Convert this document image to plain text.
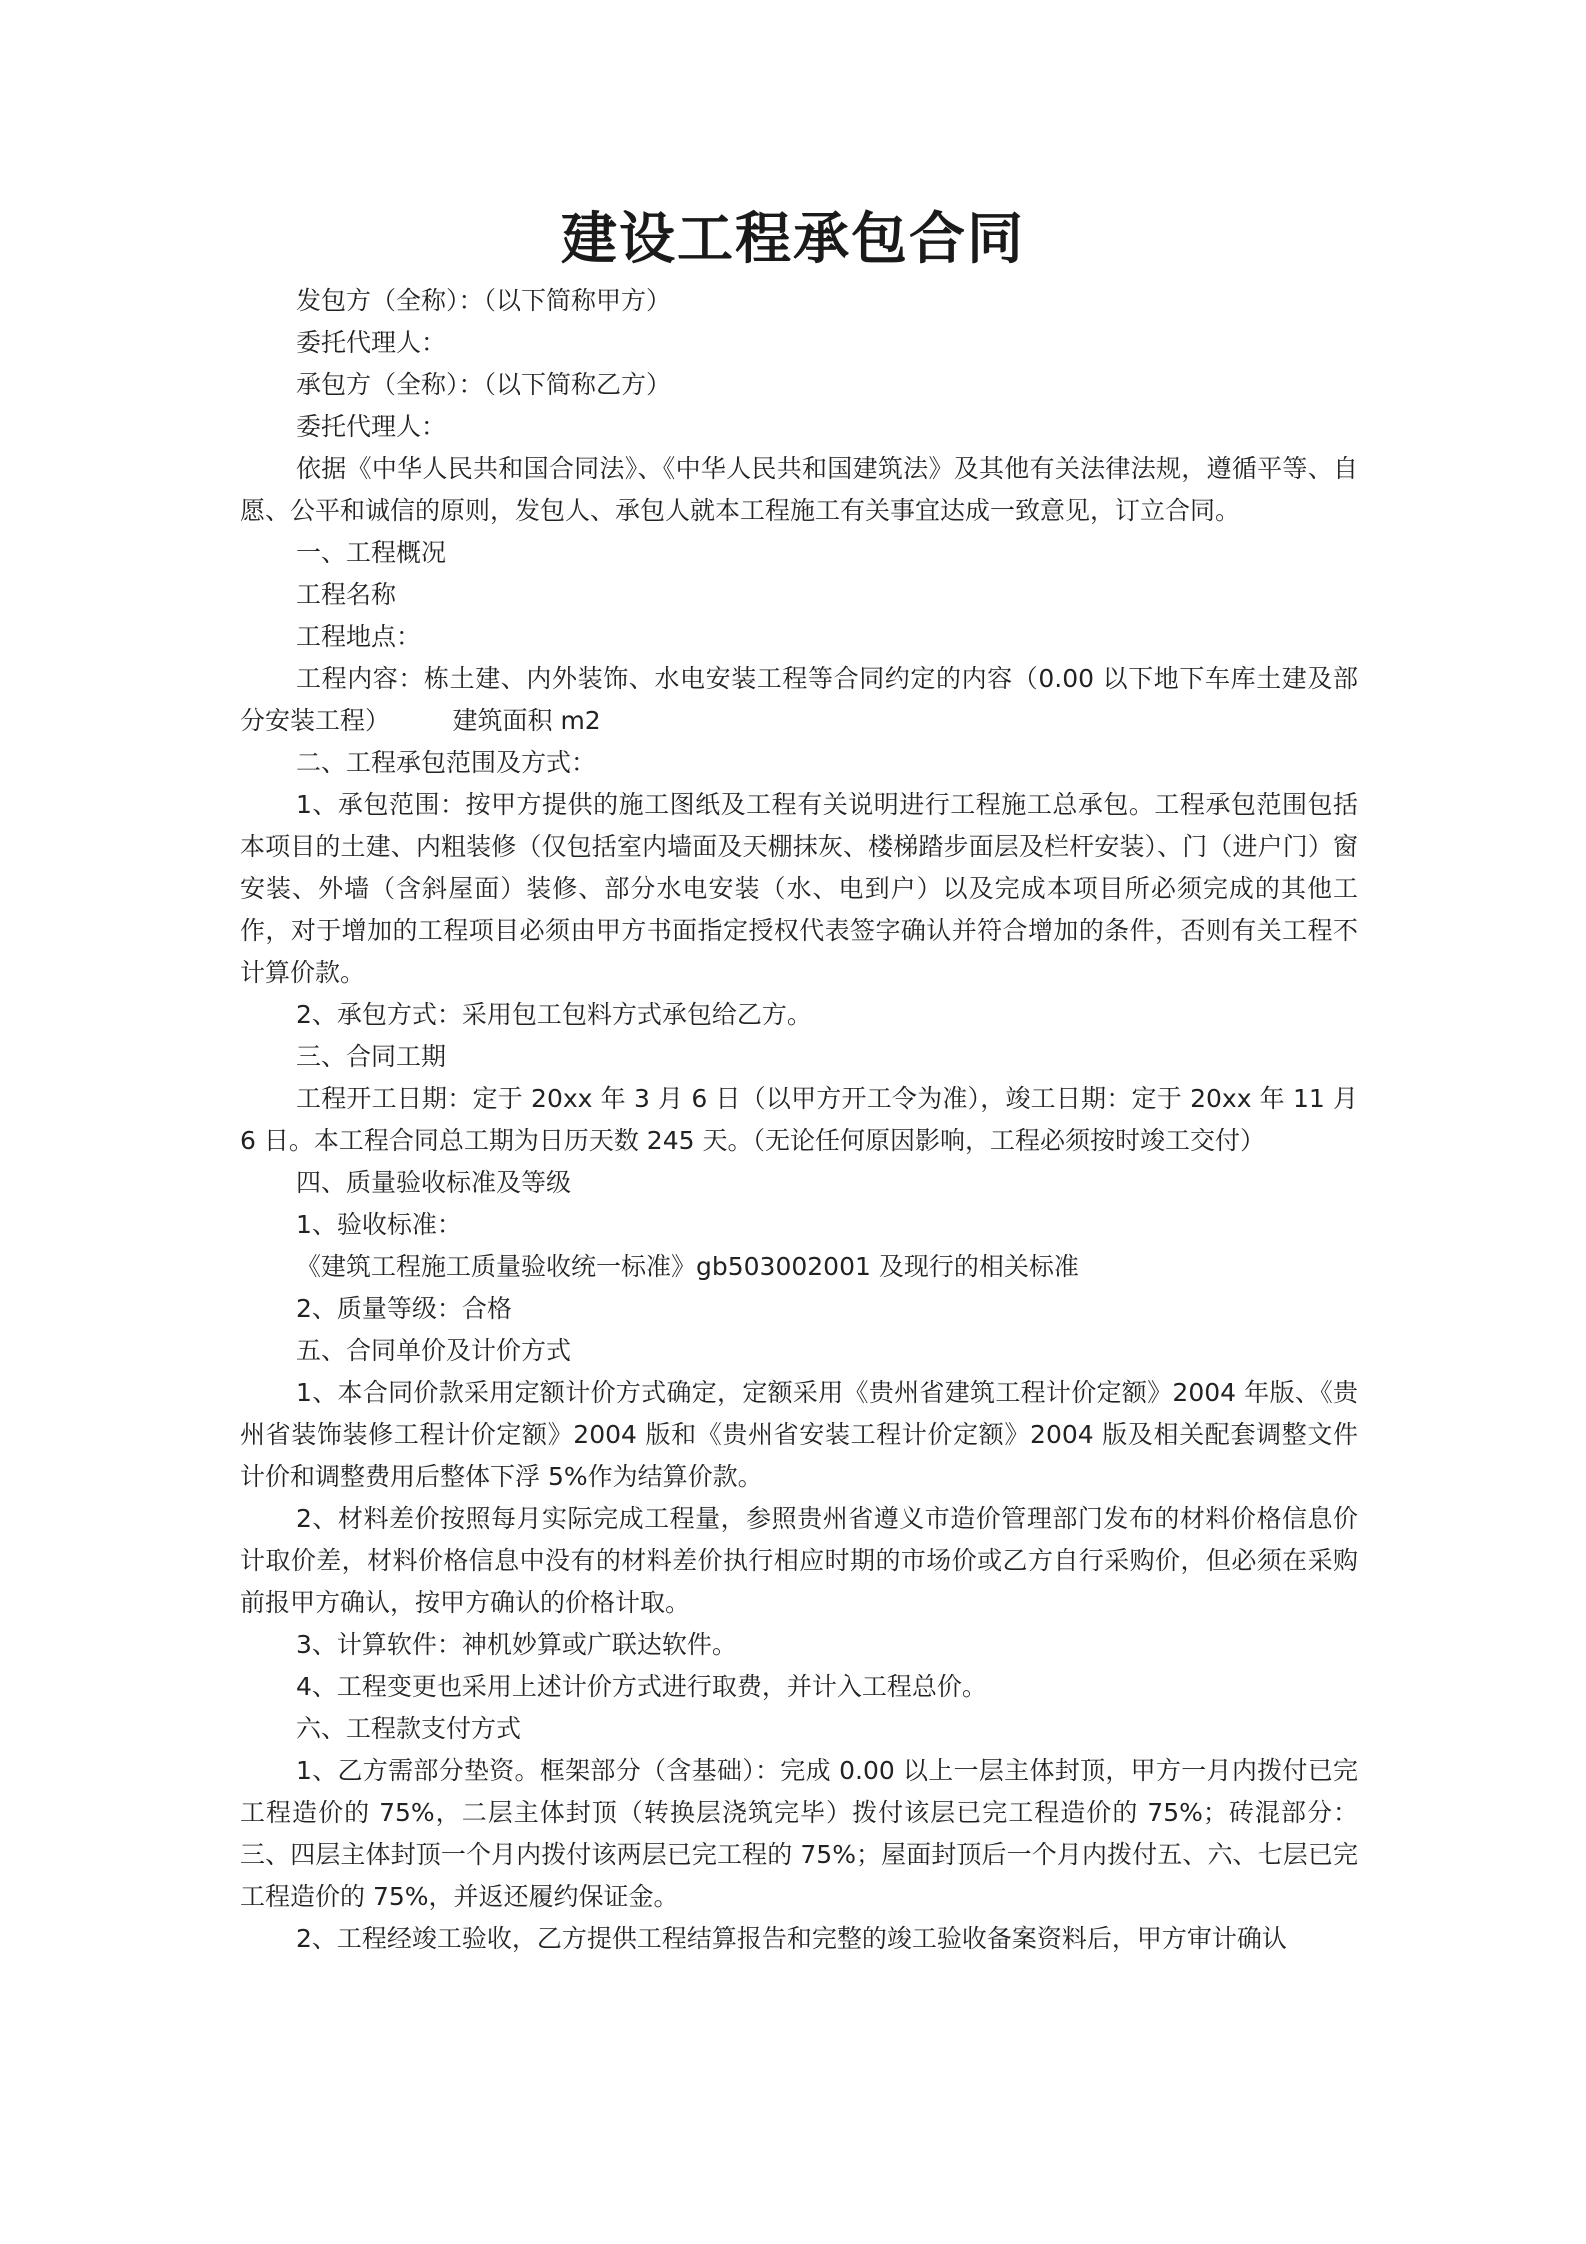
建设工程承包合同

发包方（全称）：（以下简称甲方）

委托代理人：

承包方（全称）：（以下简称乙方）

委托代理人：

依据《中华人民共和国合同法》、《中华人民共和国建筑法》及其他有关法律法规，遵循平等、自愿、公平和诚信的原则，发包人、承包人就本工程施工有关事宜达成一致意见，订立合同。

一、工程概况

工程名称

工程地点：

工程内容：栋土建、内外装饰、水电安装工程等合同约定的内容（0.00 以下地下车库土建及部分安装工程）　　　建筑面积 m2

二、工程承包范围及方式：

1、承包范围：按甲方提供的施工图纸及工程有关说明进行工程施工总承包。工程承包范围包括本项目的土建、内粗装修（仅包括室内墙面及天棚抹灰、楼梯踏步面层及栏杆安装）、门（进户门）窗安装、外墙（含斜屋面）装修、部分水电安装（水、电到户）以及完成本项目所必须完成的其他工作，对于增加的工程项目必须由甲方书面指定授权代表签字确认并符合增加的条件，否则有关工程不计算价款。

2、承包方式：采用包工包料方式承包给乙方。

三、合同工期

工程开工日期：定于 20xx 年 3 月 6 日（以甲方开工令为准），竣工日期：定于 20xx 年 11 月 6 日。本工程合同总工期为日历天数 245 天。（无论任何原因影响，工程必须按时竣工交付）

四、质量验收标准及等级

1、验收标准：

《建筑工程施工质量验收统一标准》gb503002001 及现行的相关标准

2、质量等级：合格

五、合同单价及计价方式

1、本合同价款采用定额计价方式确定，定额采用《贵州省建筑工程计价定额》2004 年版、《贵州省装饰装修工程计价定额》2004 版和《贵州省安装工程计价定额》2004 版及相关配套调整文件计价和调整费用后整体下浮 5%作为结算价款。

2、材料差价按照每月实际完成工程量，参照贵州省遵义市造价管理部门发布的材料价格信息价计取价差，材料价格信息中没有的材料差价执行相应时期的市场价或乙方自行采购价，但必须在采购前报甲方确认，按甲方确认的价格计取。

3、计算软件：神机妙算或广联达软件。

4、工程变更也采用上述计价方式进行取费，并计入工程总价。

六、工程款支付方式

1、乙方需部分垫资。框架部分（含基础）：完成 0.00 以上一层主体封顶，甲方一月内拨付已完工程造价的 75%，二层主体封顶（转换层浇筑完毕）拨付该层已完工程造价的 75%；砖混部分：三、四层主体封顶一个月内拨付该两层已完工程的 75%；屋面封顶后一个月内拨付五、六、七层已完工程造价的 75%，并返还履约保证金。

2、工程经竣工验收，乙方提供工程结算报告和完整的竣工验收备案资料后，甲方审计确认
